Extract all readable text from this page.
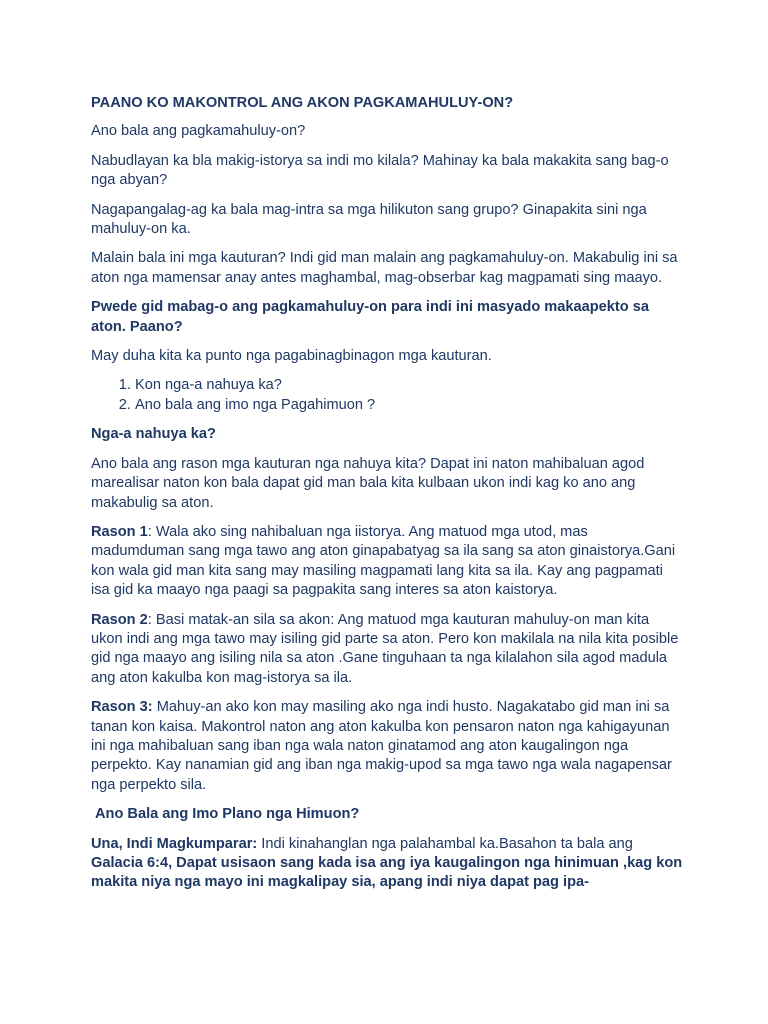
PAANO KO MAKONTROL ANG AKON PAGKAMAHULUY-ON?

Ano bala ang pagkamahuluy-on?

Nabudlayan ka bla makig-istorya sa indi mo kilala? Mahinay ka bala makakita sang bag-o nga abyan?

Nagapangalag-ag ka bala mag-intra sa mga hilikuton sang grupo? Ginapakita sini nga mahuluy-on ka.

Malain bala ini mga kauturan? Indi gid man malain ang pagkamahuluy-on. Makabulig ini sa aton nga mamensar anay antes maghambal, mag-obserbar kag magpamati sing maayo.

Pwede gid mabag-o ang pagkamahuluy-on para indi ini masyado makaapekto sa aton. Paano?

May duha kita ka punto nga pagabinagbinagon mga kauturan.

1. Kon nga-a nahuya ka?
2. Ano bala ang imo nga Pagahimuon ?

Nga-a nahuya ka?

Ano bala ang rason mga kauturan nga nahuya kita? Dapat ini naton mahibaluan agod marealisar naton kon bala dapat gid man bala kita kulbaan ukon indi kag ko ano ang makabulig sa aton.

Rason 1: Wala ako sing nahibaluan nga iistorya. Ang matuod mga utod, mas madumduman sang mga tawo ang aton ginapabatyag sa ila sang sa aton ginaistorya.Gani kon wala gid man kita sang may masiling magpamati lang kita sa ila. Kay ang pagpamati isa gid ka maayo nga paagi sa pagpakita sang interes sa aton kaistorya.

Rason 2: Basi matak-an sila sa akon: Ang matuod mga kauturan mahuluy-on man kita ukon indi ang mga tawo may isiling gid parte sa aton. Pero kon makilala na nila kita posible gid nga maayo ang isiling nila sa aton .Gane tinguhaan ta nga kilalahon sila agod madula ang aton kakulba kon mag-istorya sa ila.

Rason 3: Mahuy-an ako kon may masiling ako nga indi husto. Nagakatabo gid man ini sa tanan kon kaisa. Makontrol naton ang aton kakulba kon pensaron naton nga kahigayunan ini nga mahibaluan sang iban nga wala naton ginatamod ang aton kaugalingon nga perpekto. Kay nanamian gid ang iban nga makig-upod sa mga tawo nga wala nagapensar nga perpekto sila.

Ano Bala ang Imo Plano nga Himuon?

Una, Indi Magkumparar: Indi kinahanglan nga palahambal ka.Basahon ta bala ang Galacia 6:4, Dapat usisaon sang kada isa ang iya kaugalingon nga hinimuan ,kag kon makita niya nga mayo ini magkalipay sia, apang indi niya dapat pag ipa-
